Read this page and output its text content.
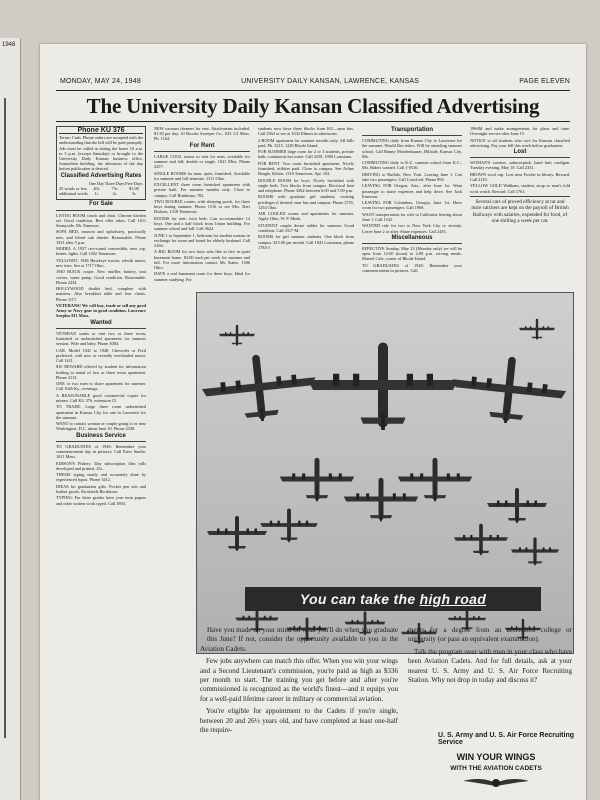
1948
MONDAY, MAY 24, 1948	UNIVERSITY DAILY KANSAN, LAWRENCE, KANSAS	PAGE ELEVEN
The University Daily Kansan Classified Advertising
Phone KU 376

Terms: Cash. Phone orders are accepted with the understanding that the bill will be paid promptly. Ads must be called in during the hours 10 a.m. to 3 p.m. (except Saturday) or brought to the University Daily Kansan business office, Journalism building, the afternoon of the day before publication is desired.

Classified Advertising Rates
	One Day	Three Days	Five Days
25 words or less	40c	75c	$1.00
additional words	1c	2c	3c
For Sale

LIVING ROOM couch and chair. Chrome kitchen set. Good condition. Best offer takes. Call 1611 Sunnyside, Mr. Emerson.

SOFA BED, maroon and upholstery, practically new, and blond oak dinette. Reasonable. Phone 1921 after 5 p.m.

MODEL A 1937 two-toned convertible, new top, heater, lights. Call 1402 Tennessee.

YELLOWIC 1946 Hawkeye tractor, rebuilt motor, new tires. See at 1717 Ohio.

1940 BUICK coupe. New muffler, battery, seat covers, water pump. Good condition. Reasonable. Phone 2434.

HOLLYWOOD double bed, complete with mattress. Also breakfast table and four chairs. Phone 1117.

VETERANS! We will buy, trade or sell any good Army or Navy gear in good condition. Lawrence Surplus 811 Mass.

Wanted

VETERAN wants to rent two or three room, furnished or unfurnished apartment for summer session. Wife and baby. Phone 3084.

CAR. Model 1941 to 1948. Chevrolet or Ford preferred, with new or recently overhauled motor. Call 1421.

$10 REWARD offered by student for information leading to rental of two or three room apartment. Phone 2113.

ONE or two men to share apartment for summer. Call 1626 Ky., evenings.

A REASONABLE good commercial copier for mimeo. Call KU 376, extension 15.

TO TRADE: Large three room unfurnished apartment in Kansas City for one in Lawrence for the summer.

WANT to contact woman or couple going to or near Washington, D.C. about June 10. Phone 2338.

Business Service

TO GRADUATES of 1948: Remember your commencement day in pictures. Call Estes Studio, 1021 Mass.

EDISON'S Fishery. Day subscription film rolls developed and printed, 25c.

THESIS typing neatly and accurately done by experienced typist. Phone 3412.

IDEAS for graduation gifts. Pocket pen sets and leather goods. Rowlands Bookstore.

TYPING: For letter grades have your term papers and other written work typed. Call 1894.

NEW vacuum cleaners for rent. Attachments included. $1.50 per day. Al Brooks Sweeper Co., 623 1/2 Mass. Ph. 1164.

For Rent

LARGE COOL rooms to rent for men, available for summer and fall; double or single. 1621 Miss. Phone 2257.

SINGLE ROOMS for men, quiet, furnished. Available for summer and fall semester. 1311 Ohio.

EXCELLENT three room furnished apartment with private bath. For summer months only. Close to campus. Call Brinkman, 782.

TWO DOUBLE rooms, with sleeping porch, for three boys during summer. Phone 1516 or see Mrs. Kert Dodson, 1318 Tennessee.

ROOMS for rent: twin beds. Can accommodate 14 boys. One and a half block from Union building. For summer school and fall. Call 3622.

JUNE 1 to September 1, bedroom for student woman in exchange for room and board for elderly husband. Call 2166.

A BIG ROOM for two boys who like to live in quiet basement home. $3.00 each per week for summer and fall. For more information contact Mr. Kates, 1306 Ohio.

HAVE a real basement room for three boys. Ideal for summer studying. For

students now have three blocks from KU—near bus. Call 2564 or see at 1632 Illinois in afternoons.

2-ROOM apartment for summer months only. All bills paid. Ph. 3215, 1228 Rhode Island.

FOR SUMMER large room for 2 or 3 students, private bath, continuous hot water. Call 3250, 1000 Louisiana.

FOR RENT. Two room furnished apartment. Nicely furnished, utilities paid. Close to campus. See Arline Beagle, Kilton, 1316 Tennessee, Apt. 102.

DOUBLE ROOM for boys. Nicely furnished with single beds. Two blocks from campus. Electrical heat and telephone. Phone 3262 between 6:00 and 7:00 p.m.

ROOMS with graduate girl students; cooking privileges if desired, near bus and campus. Phone 2755, 1254 Ohio.

AIR COOLED rooms and apartments for summer. Apply Ohio, W. P. Meek.

STUDENT couple desire sublet for summer. Good condition. Call 3317-M.

ROOMS for girl summer students. One block from campus. $15.00 per month. Call 1841 Louisiana, phone 1784-J.

Transportation

COMMUTING daily from Kansas City to Lawrence for the summer. Would like riders. Will be attending summer school. Call Bunny Mordenhauser, Hillside, Kansas City, Mo.

COMMUTING daily to K.U. summer school from K.C., Mo. Riders wanted. Call 1-0530.

DRIVING to Buffalo, New York. Leaving June 1. Can take two passengers. Call Crawford. Phone 894.

LEAVING FOR Oregon, Ariz., after June 1st. Want passenger to share expenses and help drive. See Jack Emerson.

LEAVING FOR Columbus, Georgia, June 1st. Have room for two passengers. Call 1968.

WANT transportation for wife to California leaving about June 1. Call 1542.

WANTED ride for two to New York City or vicinity. Leave June 2 or after. Share expenses. Call 2435.

Miscellaneous

EFFECTIVE Sunday, May 23 (Monday only) we will be open from 12:00 (noon) to 2:00 p.m. serving meals. Marvel Cafe, corner of Rhode Island.

TO GRADUATES of 1948: Remember your commencement in pictures. Call

1966M and make arrangements for place and time. Overnight service after June 15.

NOTICE to all students who owe for Kansan classified advertising. Pay your bill this week before graduation.

Lost

WOMAN'S sweater, salmon-pink, hand knit cardigan. Tuesday evening, May 18. Call 2331.

BROWN wool cap. Lost near Fowler in library. Reward. Call 2110.

YELLOW GOLD Waltham, student, strap to man's fold wrist watch. Reward. Call 1761.

Several cars of proved efficiency at rat and mice catchers are kept on the payroll of British Railways with salaries, expended for food, of one shilling a week per cat.

You can take the high road

Have you made up your mind on what you'll do when you graduate this June? If not, consider the opportunity available to you in the Aviation Cadets.

Few jobs anywhere can match this offer. When you win your wings and a Second Lieutenant's commission, you're paid as high as $336 per month to start. The training you get before and after you're commissioned is recognized as the world's finest—and it equips you for a well-paid lifetime career in military or commercial aviation.

You're eligible for appointment to the Cadets if you're single, between 20 and 26½ years old, and have completed at least one-half the require-

ments for a degree from an accredited college or university (or pass an equivalent examination).

Talk the program over with men in your class who have been Aviation Cadets. And for full details, ask at your nearest U. S. Army and U. S. Air Force Recruiting Station. Why not drop in today and discuss it?

U. S. Army and U. S. Air Force Recruiting Service
WIN YOUR WINGS
WITH THE AVIATION CADETS
